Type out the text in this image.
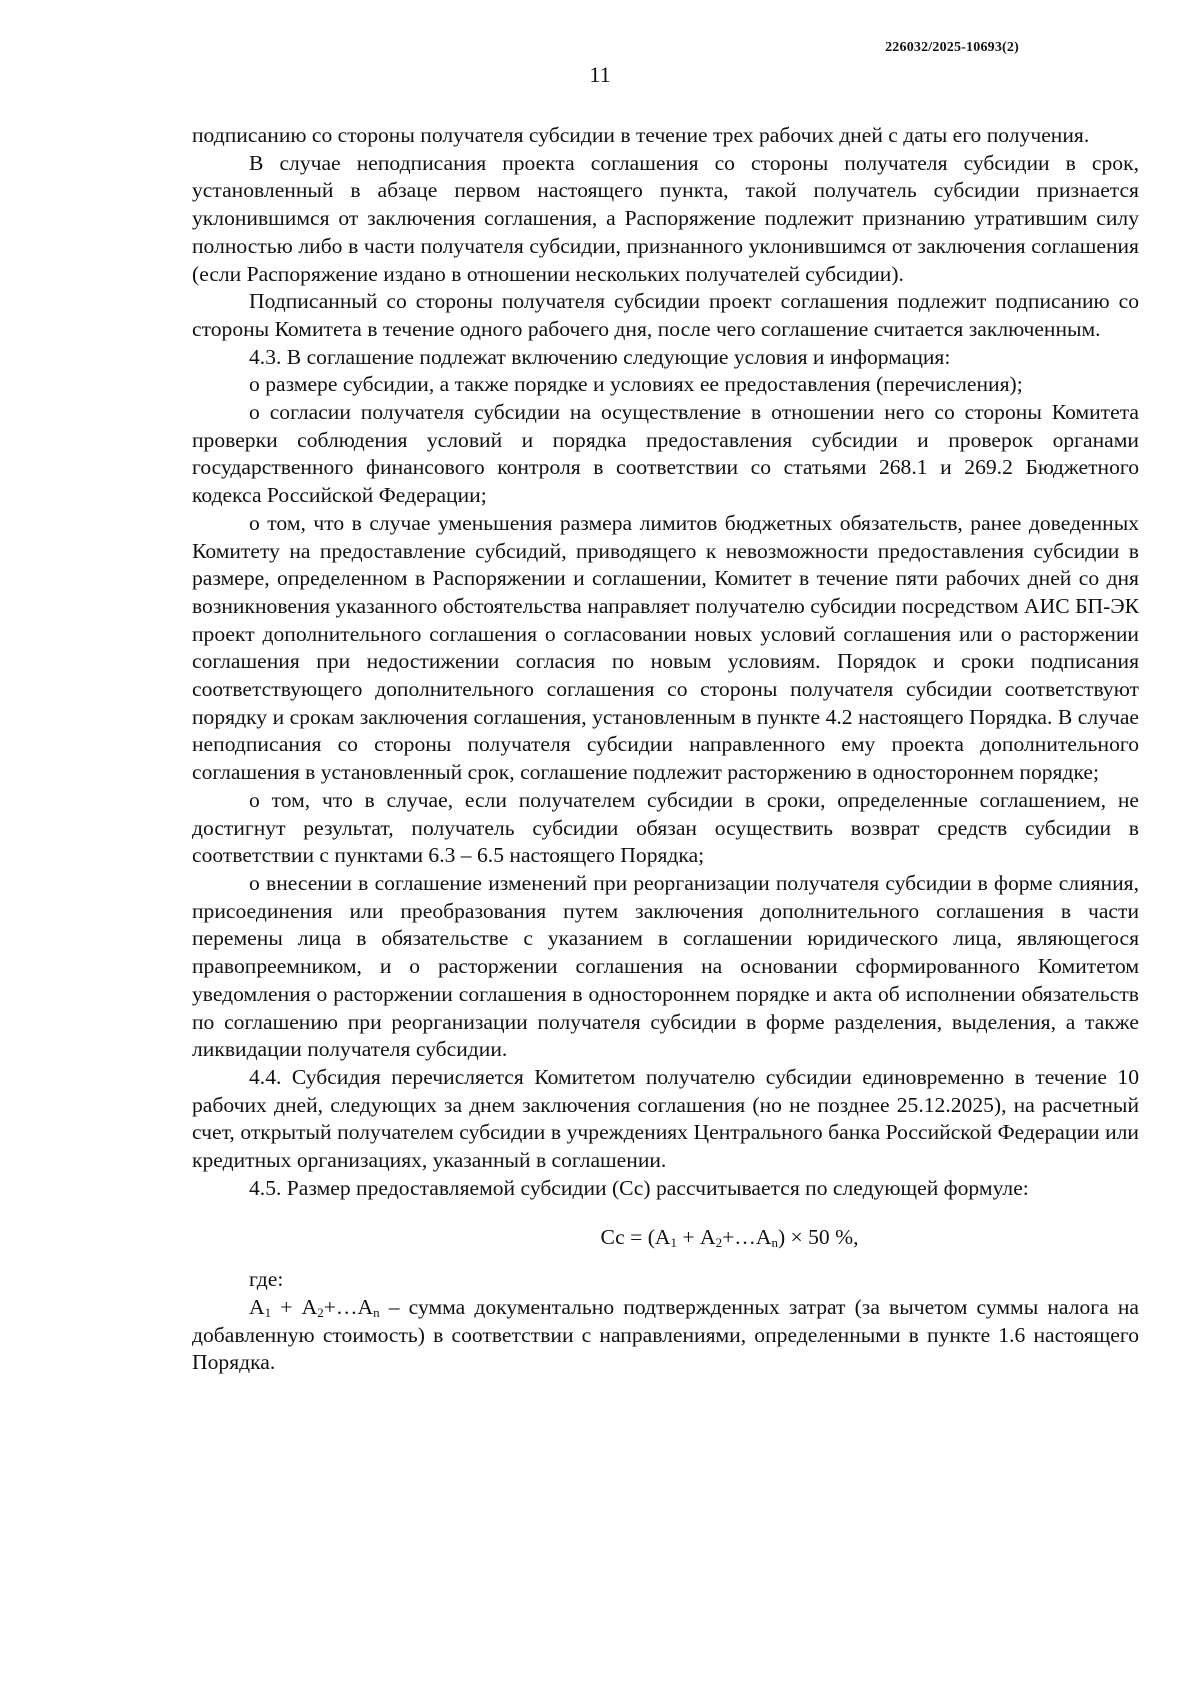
226032/2025-10693(2)
11

подписанию со стороны получателя субсидии в течение трех рабочих дней с даты его получения.

В случае неподписания проекта соглашения со стороны получателя субсидии в срок, установленный в абзаце первом настоящего пункта, такой получатель субсидии признается уклонившимся от заключения соглашения, а Распоряжение подлежит признанию утратившим силу полностью либо в части получателя субсидии, признанного уклонившимся от заключения соглашения (если Распоряжение издано в отношении нескольких получателей субсидии).

Подписанный со стороны получателя субсидии проект соглашения подлежит подписанию со стороны Комитета в течение одного рабочего дня, после чего соглашение считается заключенным.

4.3. В соглашение подлежат включению следующие условия и информация:

о размере субсидии, а также порядке и условиях ее предоставления (перечисления);

о согласии получателя субсидии на осуществление в отношении него со стороны Комитета проверки соблюдения условий и порядка предоставления субсидии и проверок органами государственного финансового контроля в соответствии со статьями 268.1 и 269.2 Бюджетного кодекса Российской Федерации;

о том, что в случае уменьшения размера лимитов бюджетных обязательств, ранее доведенных Комитету на предоставление субсидий, приводящего к невозможности предоставления субсидии в размере, определенном в Распоряжении и соглашении, Комитет в течение пяти рабочих дней со дня возникновения указанного обстоятельства направляет получателю субсидии посредством АИС БП-ЭК проект дополнительного соглашения о согласовании новых условий соглашения или о расторжении соглашения при недостижении согласия по новым условиям. Порядок и сроки подписания соответствующего дополнительного соглашения со стороны получателя субсидии соответствуют порядку и срокам заключения соглашения, установленным в пункте 4.2 настоящего Порядка. В случае неподписания со стороны получателя субсидии направленного ему проекта дополнительного соглашения в установленный срок, соглашение подлежит расторжению в одностороннем порядке;

о том, что в случае, если получателем субсидии в сроки, определенные соглашением, не достигнут результат, получатель субсидии обязан осуществить возврат средств субсидии в соответствии с пунктами 6.3 – 6.5 настоящего Порядка;

о внесении в соглашение изменений при реорганизации получателя субсидии в форме слияния, присоединения или преобразования путем заключения дополнительного соглашения в части перемены лица в обязательстве с указанием в соглашении юридического лица, являющегося правопреемником, и о расторжении соглашения на основании сформированного Комитетом уведомления о расторжении соглашения в одностороннем порядке и акта об исполнении обязательств по соглашению при реорганизации получателя субсидии в форме разделения, выделения, а также ликвидации получателя субсидии.

4.4. Субсидия перечисляется Комитетом получателю субсидии единовременно в течение 10 рабочих дней, следующих за днем заключения соглашения (но не позднее 25.12.2025), на расчетный счет, открытый получателем субсидии в учреждениях Центрального банка Российской Федерации или кредитных организациях, указанный в соглашении.

4.5. Размер предоставляемой субсидии (Сс) рассчитывается по следующей формуле:

Сс = ($А_1$ + $А_2+\dots А_n) \times 50$ %,

где:

$А_1$ + $А_2+\dots А_n$ – сумма документально подтвержденных затрат (за вычетом суммы налога на добавленную стоимость) в соответствии с направлениями, определенными в пункте 1.6 настоящего Порядка.
